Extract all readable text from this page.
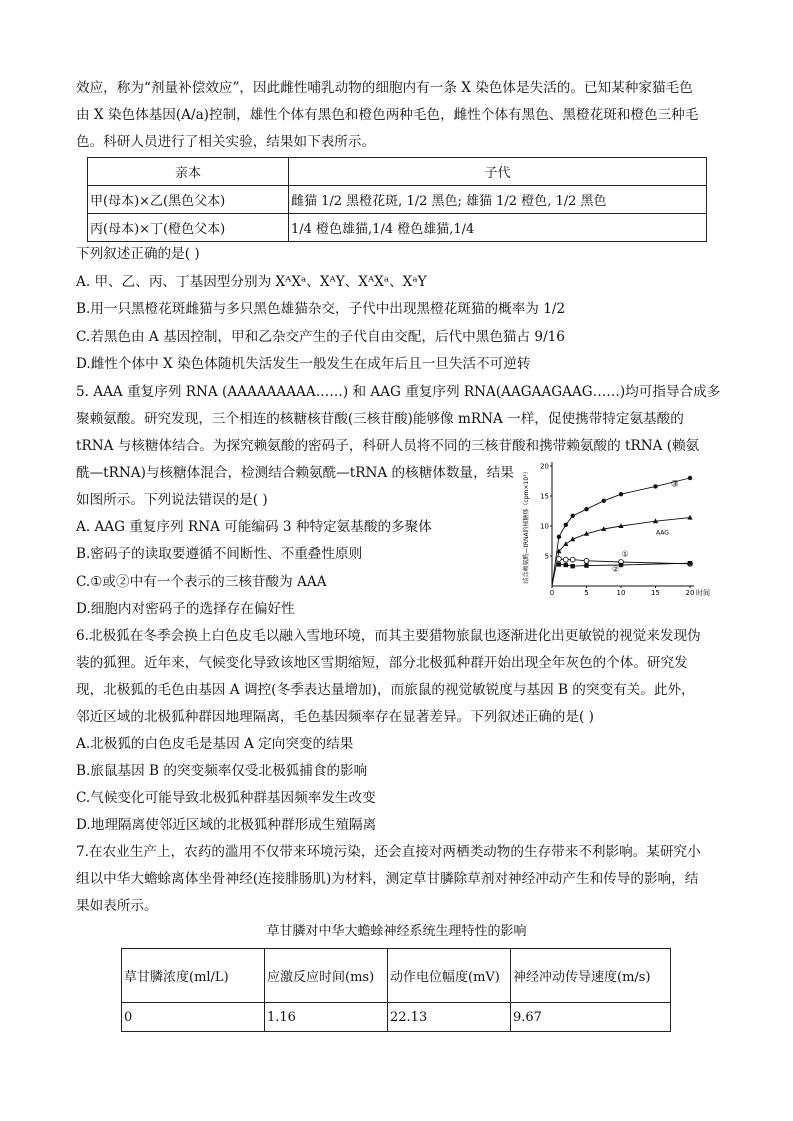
效应，称为“剂量补偿效应”，因此雌性哺乳动物的细胞内有一条 X 染色体是失活的。已知某种家猫毛色
由 X 染色体基因(A/a)控制，雄性个体有黑色和橙色两种毛色，雌性个体有黑色、黑橙花斑和橙色三种毛
色。科研人员进行了相关实验，结果如下表所示。
亲本	子代
甲(母本)×乙(黑色父本)	雌猫 1/2 黑橙花斑, 1/2 黑色; 雄猫 1/2 橙色, 1/2 黑色
丙(母本)×丁(橙色父本)	1/4 橙色雄猫,1/4 橙色雄猫,1/4
下列叙述正确的是( )
A. 甲、乙、丙、丁基因型分别为 XᴬXᵃ、XᴬY、XᴬXᵃ、XᵃY
B.用一只黑橙花斑雌猫与多只黑色雄猫杂交，子代中出现黑橙花斑猫的概率为 1/2
C.若黑色由 A 基因控制，甲和乙杂交产生的子代自由交配，后代中黑色猫占 9/16
D.雌性个体中 X 染色体随机失活发生一般发生在成年后且一旦失活不可逆转
5. AAA 重复序列 RNA (AAAAAAAAA……) 和 AAG 重复序列 RNA(AAGAAGAAG……)均可指导合成多
聚赖氨酸。研究发现，三个相连的核糖核苷酸(三核苷酸)能够像 mRNA 一样，促使携带特定氨基酸的
tRNA 与核糖体结合。为探究赖氨酸的密码子，科研人员将不同的三核苷酸和携带赖氨酸的 tRNA (赖氨
酰—tRNA)与核糖体混合，检测结合赖氨酰—tRNA 的核糖体数量，结果
如图所示。下列说法错误的是( )
A. AAG 重复序列 RNA 可能编码 3 种特定氨基酸的多聚体
B.密码子的读取要遵循不间断性、不重叠性原则
C.①或②中有一个表示的三核苷酸为 AAA
D.细胞内对密码子的选择存在偏好性
结合赖氨酰—tRNA的核糖体（cpm×10³）
时间
0	5	10	15	20
5
10
15
20
③
AAG
①
②
6.北极狐在冬季会换上白色皮毛以融入雪地环境，而其主要猎物旅鼠也逐渐进化出更敏锐的视觉来发现伪
装的狐狸。近年来，气候变化导致该地区雪期缩短，部分北极狐种群开始出现全年灰色的个体。研究发
现，北极狐的毛色由基因 A 调控(冬季表达量增加)，而旅鼠的视觉敏锐度与基因 B 的突变有关。此外，
邻近区域的北极狐种群因地理隔离，毛色基因频率存在显著差异。下列叙述正确的是( )
A.北极狐的白色皮毛是基因 A 定向突变的结果
B.旅鼠基因 B 的突变频率仅受北极狐捕食的影响
C.气候变化可能导致北极狐种群基因频率发生改变
D.地理隔离使邻近区域的北极狐种群形成生殖隔离
7.在农业生产上，农药的滥用不仅带来环境污染，还会直接对两栖类动物的生存带来不利影响。某研究小
组以中华大蟾蜍离体坐骨神经(连接腓肠肌)为材料，测定草甘膦除草剂对神经冲动产生和传导的影响，结
果如表所示。
草甘膦对中华大蟾蜍神经系统生理特性的影响
草甘膦浓度(ml/L)	应激反应时间(ms)	动作电位幅度(mV)	神经冲动传导速度(m/s)
0	1.16	22.13	9.67
